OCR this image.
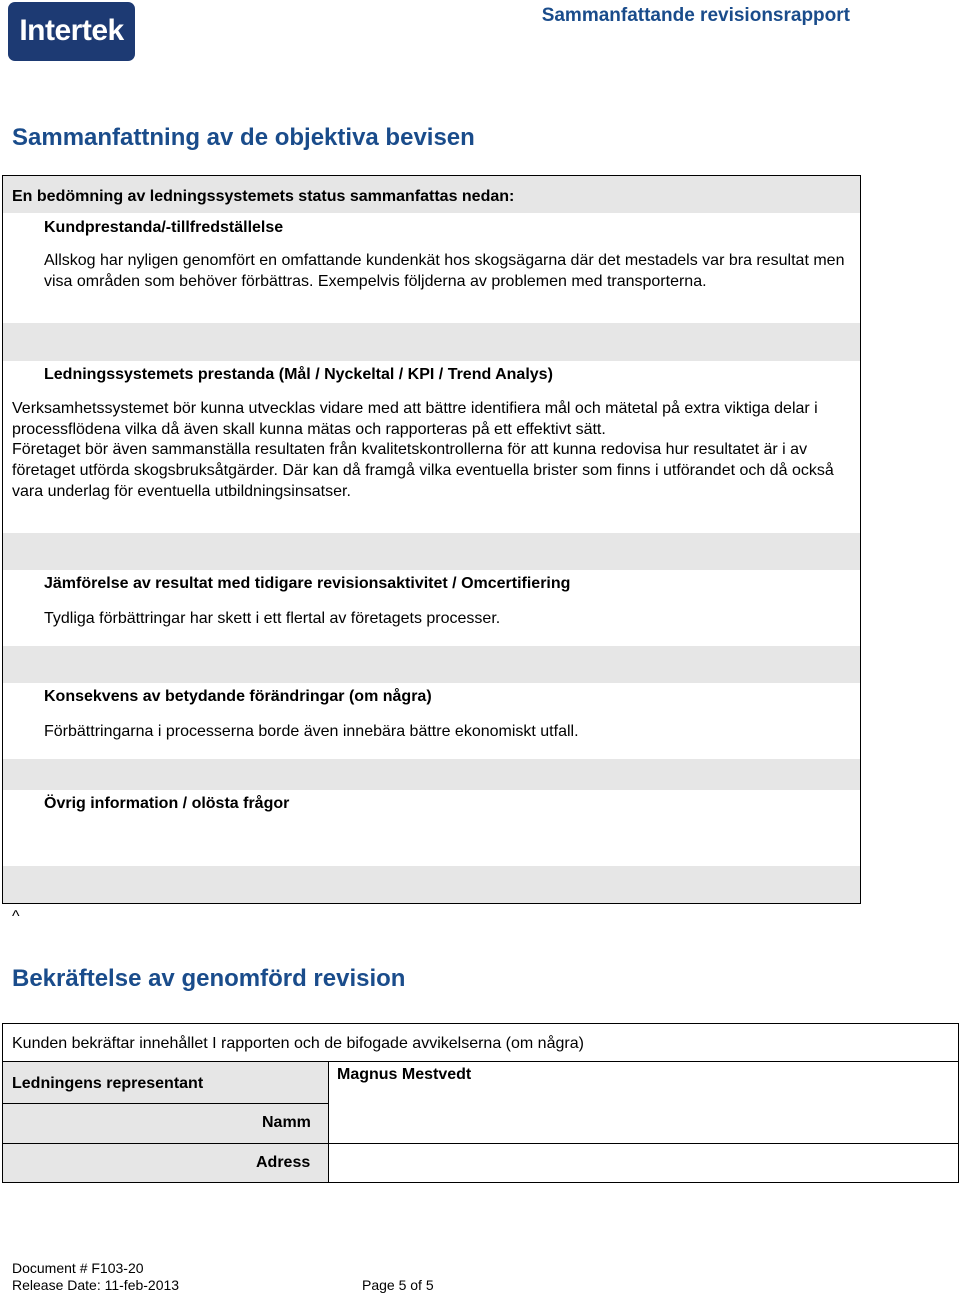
Intertek	Sammanfattande revisionsrapport
Sammanfattning av de objektiva bevisen
En bedömning av ledningssystemets status sammanfattas nedan:
Kundprestanda/-tillfredställelse
Allskog har nyligen genomfört en omfattande kundenkät hos skogsägarna där det mestadels var bra resultat men visa områden som behöver förbättras. Exempelvis följderna av problemen med transporterna.
Ledningssystemets prestanda (Mål / Nyckeltal / KPI / Trend Analys)
Verksamhetssystemet bör kunna utvecklas vidare med att bättre identifiera mål och mätetal på extra viktiga delar i processflödena vilka då även skall kunna mätas och rapporteras på ett effektivt sätt.
Företaget bör även sammanställa resultaten från kvalitetskontrollerna för att kunna redovisa hur resultatet är i av företaget utförda skogsbruksåtgärder. Där kan då framgå vilka eventuella brister som finns i utförandet och då också vara underlag för eventuella utbildningsinsatser.
Jämförelse av resultat med tidigare revisionsaktivitet / Omcertifiering
Tydliga förbättringar har skett i ett flertal av företagets processer.
Konsekvens av betydande förändringar (om några)
Förbättringarna i processerna borde även innebära bättre ekonomiskt utfall.
Övrig information / olösta frågor
^
Bekräftelse av genomförd revision
Kunden bekräftar innehållet I rapporten och de bifogade avvikelserna (om några)
Ledningens representant
Magnus Mestvedt
Namm
Adress
Document # F103-20
Release Date: 11-feb-2013	Page 5 of 5
